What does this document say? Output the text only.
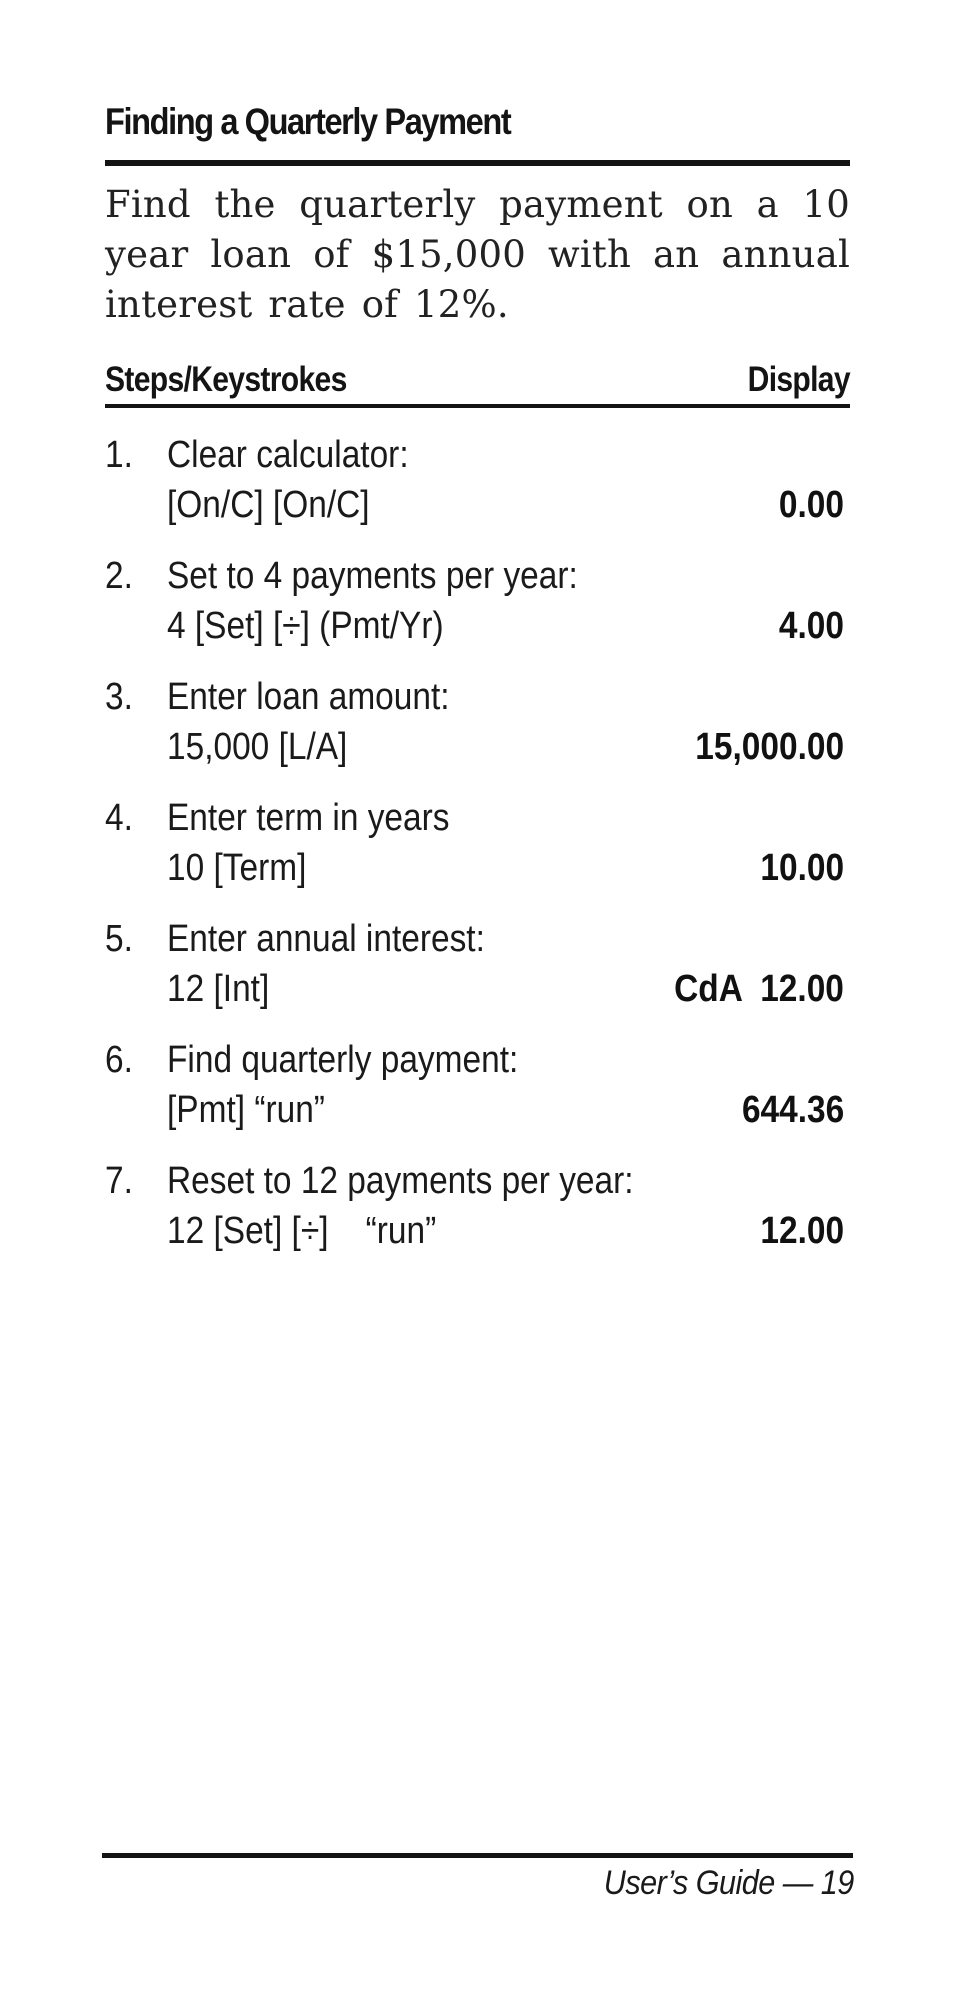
Finding a Quarterly Payment
Find the quarterly payment on a 10 year loan of $15,000 with an annual interest rate of 12%.
Steps/Keystrokes	Display
1. Clear calculator:
[On/C] [On/C]	0.00
2. Set to 4 payments per year:
4 [Set] [÷] (Pmt/Yr)	4.00
3. Enter loan amount:
15,000 [L/A]	15,000.00
4. Enter term in years
10 [Term]	10.00
5. Enter annual interest:
12 [Int]	CdA  12.00
6. Find quarterly payment:
[Pmt] “run”	644.36
7. Reset to 12 payments per year:
12 [Set] [÷]    “run”	12.00
User’s Guide — 19
